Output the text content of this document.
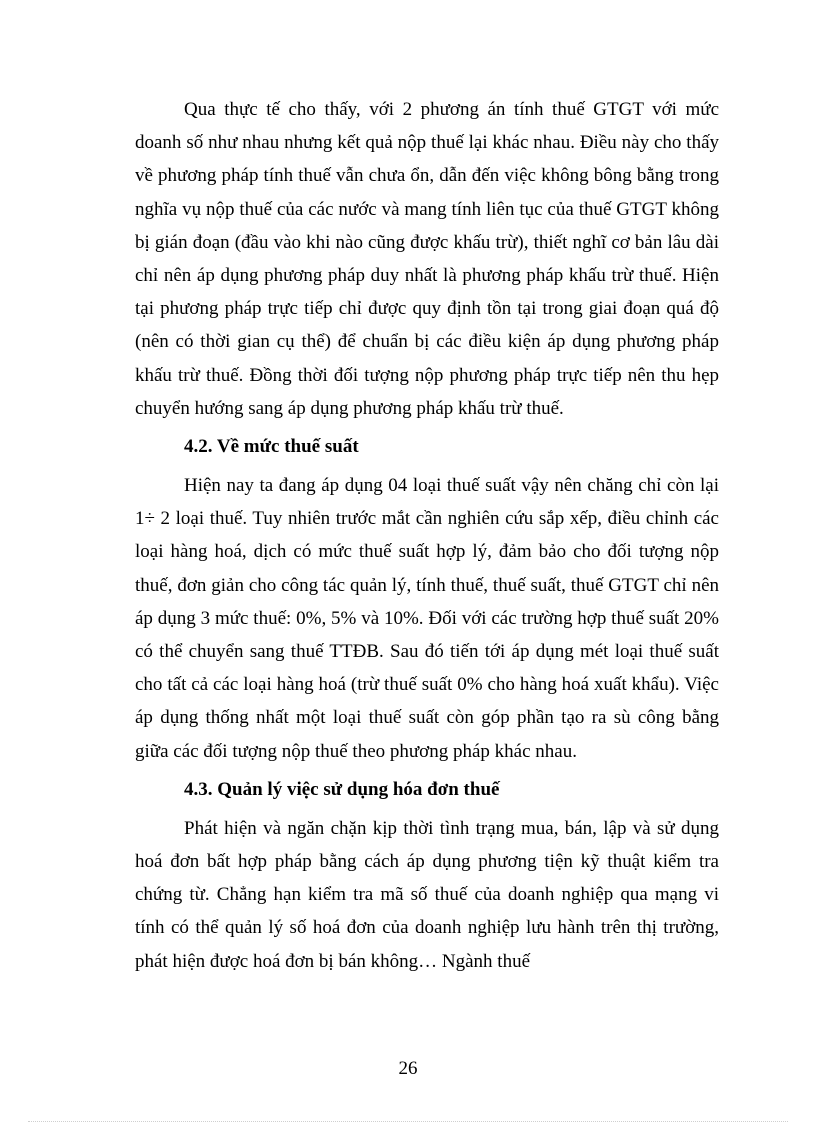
Qua thực tế cho thấy, với 2 phương án tính thuế GTGT với mức doanh số như nhau nhưng kết quả nộp thuế lại khác nhau. Điều này cho thấy về phương pháp tính thuế vẫn chưa ổn, dẫn đến việc không bông bằng trong nghĩa vụ nộp thuế của các nước và mang tính liên tục của thuế GTGT không bị gián đoạn (đầu vào khi nào cũng được khấu trừ), thiết nghĩ cơ bản lâu dài chỉ nên áp dụng phương pháp duy nhất là phương pháp khấu trừ thuế. Hiện tại phương pháp trực tiếp chỉ được quy định tồn tại trong giai đoạn quá độ (nên có thời gian cụ thể) để chuẩn bị các điều kiện áp dụng phương pháp khấu trừ thuế. Đồng thời đối tượng nộp phương pháp trực tiếp nên thu hẹp chuyển hướng sang áp dụng phương pháp khấu trừ thuế.

4.2. Về mức thuế suất

Hiện nay ta đang áp dụng 04 loại thuế suất vậy nên chăng chỉ còn lại 1÷ 2 loại thuế. Tuy nhiên trước mắt cần nghiên cứu sắp xếp, điều chỉnh các loại hàng hoá, dịch có mức thuế suất hợp lý, đảm bảo cho đối tượng nộp thuế, đơn giản cho công tác quản lý, tính thuế, thuế suất, thuế GTGT chỉ nên áp dụng 3 mức thuế: 0%, 5% và 10%. Đối với các trường hợp thuế suất 20% có thể chuyển sang thuế TTĐB. Sau đó tiến tới áp dụng mét loại thuế suất cho tất cả các loại hàng hoá (trừ thuế suất 0% cho hàng hoá xuất khẩu). Việc áp dụng thống nhất một loại thuế suất còn góp phần tạo ra sù công bằng giữa các đối tượng nộp thuế theo phương pháp khác nhau.

4.3. Quản lý việc sử dụng hóa đơn thuế

Phát hiện và ngăn chặn kịp thời tình trạng mua, bán, lập và sử dụng hoá đơn bất hợp pháp bằng cách áp dụng phương tiện kỹ thuật kiểm tra chứng từ. Chẳng hạn kiểm tra mã số thuế của doanh nghiệp qua mạng vi tính có thể quản lý số hoá đơn của doanh nghiệp lưu hành trên thị trường, phát hiện được hoá đơn bị bán không… Ngành thuế

26
